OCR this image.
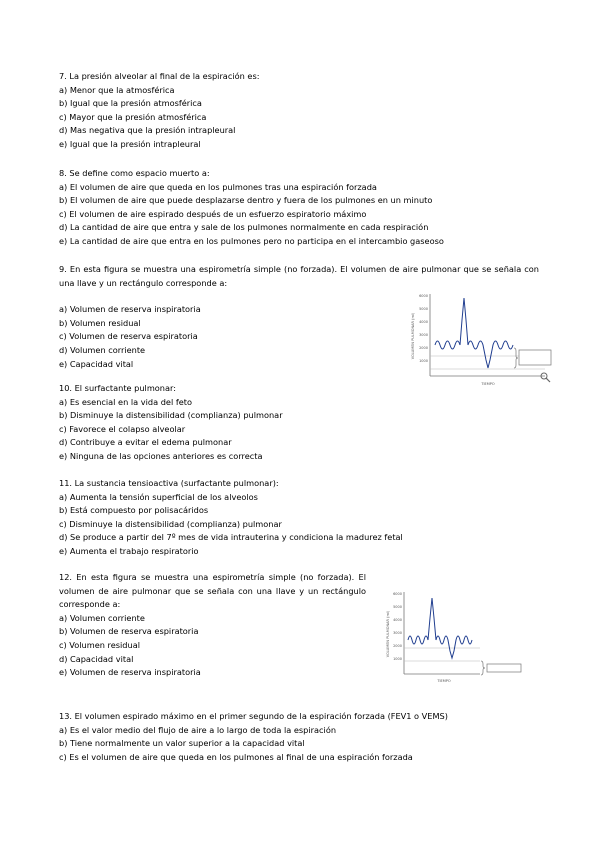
7. La presión alveolar al final de la espiración es:

a) Menor que la atmosférica

b) Igual que la presión atmosférica

c) Mayor que la presión atmosférica

d) Mas negativa que la presión intrapleural

e) Igual que la presión intrapleural

8. Se define como espacio muerto a:

a) El volumen de aire que queda en los pulmones tras una espiración forzada

b) El volumen de aire que puede desplazarse dentro y fuera de los pulmones en un minuto

c) El volumen de aire espirado después de un esfuerzo espiratorio máximo

d) La cantidad de aire que entra y sale de los pulmones normalmente en cada respiración

e) La cantidad de aire que entra en los pulmones pero no participa en el intercambio gaseoso

9. En esta figura se muestra una espirometría simple (no forzada). El volumen de aire pulmonar que se señala con una llave y un rectángulo corresponde a:

a) Volumen de reserva inspiratoria

b) Volumen residual

c) Volumen de reserva espiratoria

d) Volumen corriente

e) Capacidad vital

6000
5000
4000
3000
2000
1000
VOLUMEN PULMONAR (ml)
TIEMPO

10. El surfactante pulmonar:

a) Es esencial en la vida del feto

b) Disminuye la distensibilidad (complianza) pulmonar

c) Favorece el colapso alveolar

d) Contribuye a evitar el edema pulmonar

e) Ninguna de las opciones anteriores es correcta

11. La sustancia tensioactiva (surfactante pulmonar):

a) Aumenta la tensión superficial de los alveolos

b) Está compuesto por polisacáridos

c) Disminuye la distensibilidad (complianza) pulmonar

d) Se produce a partir del 7º mes de vida intrauterina y condiciona la madurez fetal

e) Aumenta el trabajo respiratorio

12. En esta figura se muestra una espirometría simple (no forzada). El volumen de aire pulmonar que se señala con una llave y un rectángulo corresponde a:

a) Volumen corriente

b) Volumen de reserva espiratoria

c) Volumen residual

d) Capacidad vital

e) Volumen de reserva inspiratoria

6000
5000
4000
3000
2000
1000
VOLUMEN PULMONAR (ml)
TIEMPO

13. El volumen espirado máximo en el primer segundo de la espiración forzada (FEV1 o VEMS)

a) Es el valor medio del flujo de aire a lo largo de toda la espiración

b) Tiene normalmente un valor superior a la capacidad vital

c) Es el volumen de aire que queda en los pulmones al final de una espiración forzada
